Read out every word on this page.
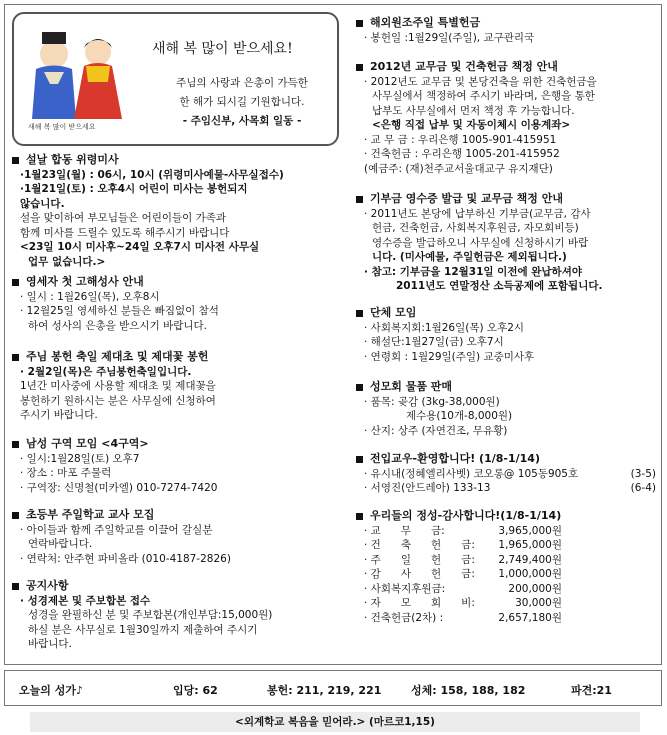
새해 복 많이 받으세요
새해 복 많이 받으세요!
주님의 사랑과 은총이 가득한
한 해가 되시길 기원합니다.
- 주임신부, 사목회 일동 -
설날 합동 위령미사
·1월23일(월) : 06시, 10시 (위령미사예물-사무실접수)
·1월21일(토) : 오후4시 어린이 미사는 봉헌되지
않습니다.
설을 맞이하여 부모님들은 어린이들이 가족과
함께 미사를 드릴수 있도록 해주시기 바랍니다
<23일 10시 미사후~24일 오후7시 미사전 사무실
업무 없습니다.>
영세자 첫 고해성사 안내
· 일시 : 1월26일(목), 오후8시
· 12월25일 영세하신 분들은 빠짐없이 참석
하여 성사의 은총을 받으시기 바랍니다.
주님 봉헌 축일 제대초 및 제대꽃 봉헌
· 2월2일(목)은 주님봉헌축일입니다.
1년간 미사중에 사용할 제대초 및 제대꽃을
봉헌하기 원하시는 분은 사무실에 신청하여
주시기 바랍니다.
남성 구역 모임 <4구역>
· 일시:1월28일(토) 오후7
· 장소 : 마포 주물럭
· 구역장: 신명철(미카엘) 010-7274-7420
초등부 주일학교 교사 모집
· 아이들과 함께 주일학교를 이끌어 갈실분
연락바랍니다.
· 연락처: 안주현 파비올라 (010-4187-2826)
공지사항
· 성경제본 및 주보합본 접수
성경을 완필하신 분 및 주보합본(개인부담:15,000원)
하실 분은 사무실로 1월30일까지 제출하여 주시기
바랍니다.
해외원조주일 특별헌금
· 봉헌일 :1월29일(주일), 교구관리국
2012년 교무금 및 건축헌금 책정 안내
· 2012년도 교무금 및 본당건축을 위한 건축헌금을
사무실에서 책정하여 주시기 바라며, 은행을 통한
납부도 사무실에서 먼저 책정 후 가능합니다.
<은행 직접 납부 및 자동이체시 이용계좌>
· 교 무 금 : 우리은행 1005-901-415951
· 건축헌금 : 우리은행 1005-201-415952
(예금주: (재)천주교서울대교구 유지재단)
기부금 영수증 발급 및 교무금 책정 안내
· 2011년도 본당에 납부하신 기부금(교무금, 감사
헌금, 건축헌금, 사회복지후원금, 자모회비등)
영수증을 발급하오니 사무실에 신청하시기 바랍
니다. (미사예물, 주일헌금은 제외됩니다.)
· 참고: 기부금을 12월31일 이전에 완납하셔야
2011년도 연말정산 소득공제에 포함됩니다.
단체 모임
· 사회복지회:1월26일(목) 오후2시
· 해설단:1월27일(금) 오후7시
· 연령회 : 1월29일(주일) 교중미사후
성모회 물품 판매
· 품목: 곶감 (3kg-38,000원)
제수용(10개-8,000원)
· 산지: 상주 (자연건조, 무유황)
전입교우-환영합니다! (1/8-1/14)
· 유시내(정혜엘리사벳) 코오롱@ 105동905호	(3-5)
· 서영진(안드레아) 133-13	(6-4)
우리들의 정성-감사합니다!(1/8-1/14)
· 교      무      금:	3,965,000원
· 건      축      헌      금:	1,965,000원
· 주      일      헌      금:	2,749,400원
· 감      사      헌      금:	1,000,000원
· 사회복지후원금:	200,000원
· 자      모      회      비:	30,000원
· 건축헌금(2차) :	2,657,180원
오늘의 성가♪	입당: 62	봉헌: 211, 219, 221	성체: 158, 188, 182	파견:21
<외계학교 복음을 믿어라.> (마르코1,15)
